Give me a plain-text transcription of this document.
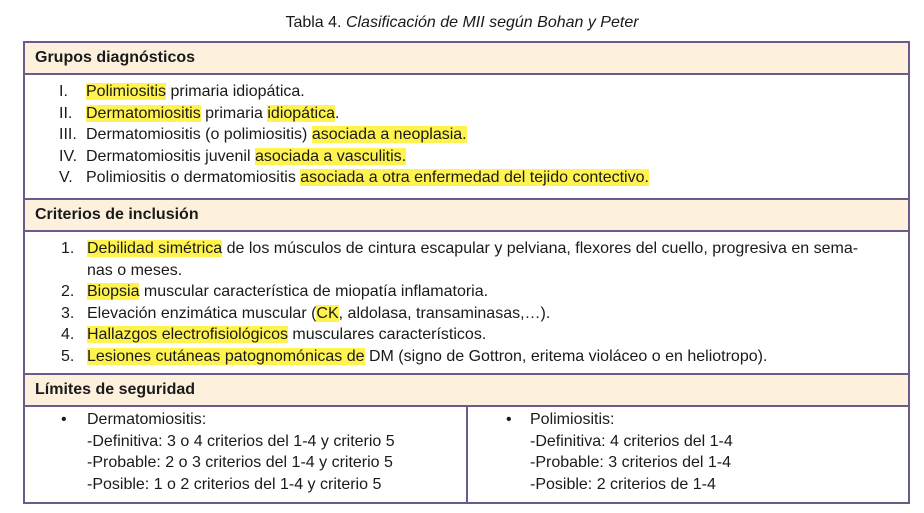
Tabla 4. Clasificación de MII según Bohan y Peter
Grupos diagnósticos
I. Polimiositis primaria idiopática.
II. Dermatomiositis primaria idiopática.
III. Dermatomiositis (o polimiositis) asociada a neoplasia.
IV. Dermatomiositis juvenil asociada a vasculitis.
V. Polimiositis o dermatomiositis asociada a otra enfermedad del tejido contectivo.
Criterios de inclusión
1. Debilidad simétrica de los músculos de cintura escapular y pelviana, flexores del cuello, progresiva en sema-
nas o meses.
2. Biopsia muscular característica de miopatía inflamatoria.
3. Elevación enzimática muscular (CK, aldolasa, transaminasas,…).
4. Hallazgos electrofisiológicos musculares característicos.
5. Lesiones cutáneas patognomónicas de DM (signo de Gottron, eritema violáceo o en heliotropo).
Límites de seguridad
• Dermatomiositis:
-Definitiva: 3 o 4 criterios del 1-4 y criterio 5
-Probable: 2 o 3 criterios del 1-4 y criterio 5
-Posible: 1 o 2 criterios del 1-4 y criterio 5
• Polimiositis:
-Definitiva: 4 criterios del 1-4
-Probable: 3 criterios del 1-4
-Posible: 2 criterios de 1-4
